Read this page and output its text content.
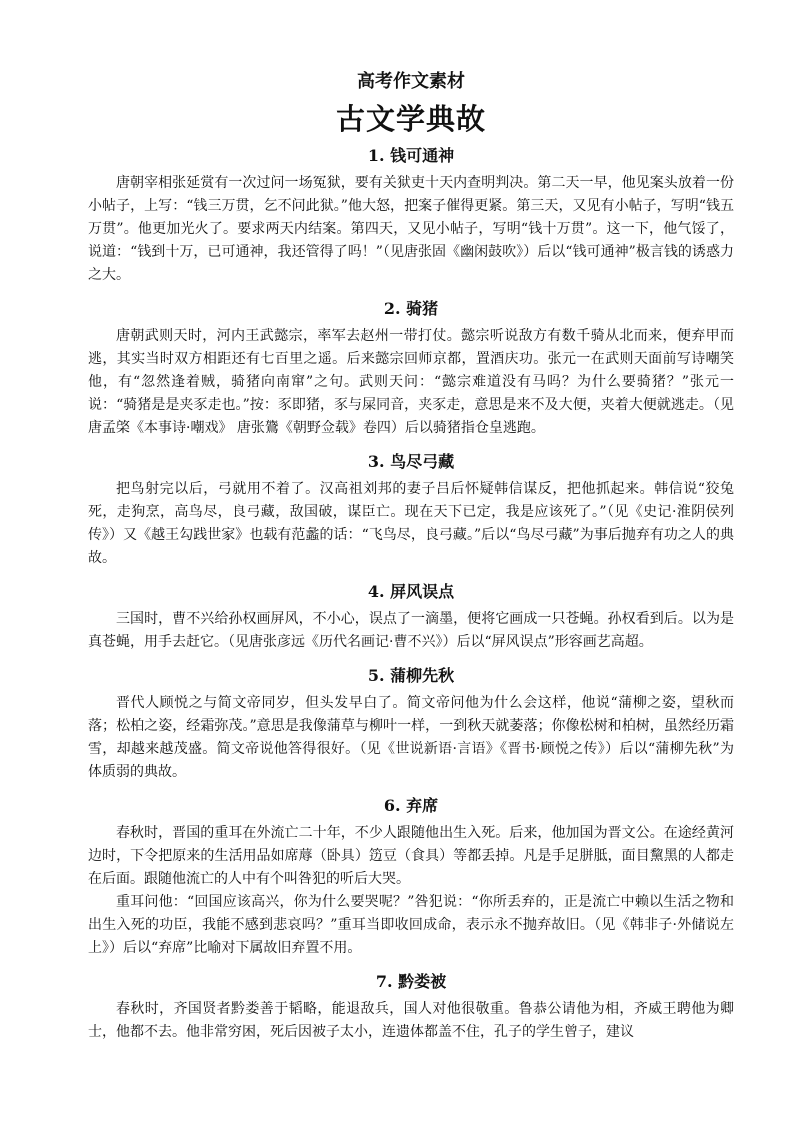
高考作文素材
古文学典故
1. 钱可通神

唐朝宰相张延赏有一次过问一场冤狱，要有关狱吏十天内查明判决。第二天一早，他见案头放着一份小帖子，上写：“钱三万贯，乞不问此狱。”他大怒，把案子催得更紧。第三天，又见有小帖子，写明“钱五万贯”。他更加光火了。要求两天内结案。第四天，又见小帖子，写明“钱十万贯”。这一下，他气馁了，说道：“钱到十万，已可通神，我还管得了吗！”（见唐张固《幽闲鼓吹》）后以“钱可通神”极言钱的诱惑力之大。

2. 骑猪

唐朝武则天时，河内王武懿宗，率军去赵州一带打仗。懿宗听说敌方有数千骑从北而来，便弃甲而逃，其实当时双方相距还有七百里之遥。后来懿宗回师京都，置酒庆功。张元一在武则天面前写诗嘲笑他，有“忽然逢着贼，骑猪向南窜”之句。武则天问：“懿宗难道没有马吗？为什么要骑猪？”张元一说：“骑猪是是夹豕走也。”按：豕即猪，豕与屎同音，夹豕走，意思是来不及大便，夹着大便就逃走。（见唐孟棨《本事诗·嘲戏》 唐张鷟《朝野佥载》卷四）后以骑猪指仓皇逃跑。

3. 鸟尽弓藏

把鸟射完以后，弓就用不着了。汉高祖刘邦的妻子吕后怀疑韩信谋反，把他抓起来。韩信说“狡兔死，走狗烹，高鸟尽，良弓藏，敌国破，谋臣亡。现在天下已定，我是应该死了。”（见《史记·淮阴侯列传》）又《越王勾践世家》也载有范蠡的话：“飞鸟尽，良弓藏。”后以“鸟尽弓藏”为事后抛弃有功之人的典故。

4. 屏风误点

三国时，曹不兴给孙权画屏风，不小心，误点了一滴墨，便将它画成一只苍蝇。孙权看到后。以为是真苍蝇，用手去赶它。（见唐张彦远《历代名画记·曹不兴》）后以“屏风误点”形容画艺高超。

5. 蒲柳先秋

晋代人顾悦之与简文帝同岁，但头发早白了。简文帝问他为什么会这样，他说“蒲柳之姿，望秋而落；松柏之姿，经霜弥茂。”意思是我像蒲草与柳叶一样，一到秋天就萎落；你像松树和柏树，虽然经历霜雪，却越来越茂盛。简文帝说他答得很好。（见《世说新语·言语》《晋书·顾悦之传》）后以“蒲柳先秋”为体质弱的典故。

6. 弃席

春秋时，晋国的重耳在外流亡二十年，不少人跟随他出生入死。后来，他加国为晋文公。在途经黄河边时，下令把原来的生活用品如席蓐（卧具）笾豆（食具）等都丢掉。凡是手足胼胝，面目黧黑的人都走在后面。跟随他流亡的人中有个叫咎犯的听后大哭。

重耳问他：“回国应该高兴，你为什么要哭呢？”咎犯说：“你所丢弃的，正是流亡中赖以生活之物和出生入死的功臣，我能不感到悲哀吗？”重耳当即收回成命，表示永不抛弃故旧。（见《韩非子·外储说左上》）后以“弃席”比喻对下属故旧弃置不用。

7. 黔娄被

春秋时，齐国贤者黔娄善于韬略，能退敌兵，国人对他很敬重。鲁恭公请他为相，齐威王聘他为卿士，他都不去。他非常穷困，死后因被子太小，连遗体都盖不住，孔子的学生曾子，建议
